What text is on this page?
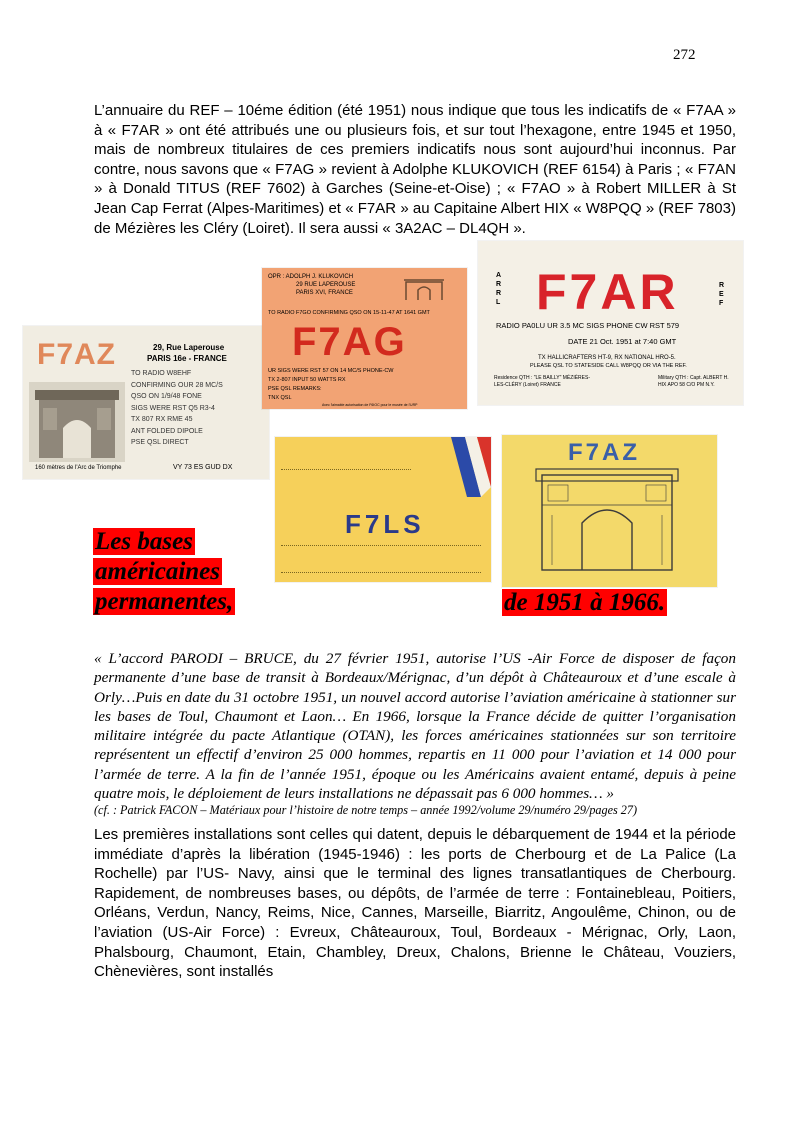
272

L’annuaire du REF – 10éme édition (été 1951) nous indique que tous les indicatifs de « F7AA » à « F7AR » ont été attribués une ou plusieurs fois, et sur tout l’hexagone, entre 1945 et 1950, mais de nombreux titulaires de ces premiers indicatifs nous sont aujourd’hui inconnus. Par contre, nous savons que « F7AG » revient à Adolphe KLUKOVICH (REF 6154) à Paris ; « F7AN » à Donald TITUS (REF 7602) à Garches (Seine-et-Oise) ; « F7AO » à Robert MILLER à St Jean Cap Ferrat (Alpes-Maritimes) et « F7AR » au Capitaine Albert HIX « W8PQQ » (REF 7803) de Mézières les Cléry (Loiret). Il sera aussi « 3A2AC – DL4QH ».

F7AZ	29, Rue Laperouse
PARIS 16e - FRANCE
160 mètres de l'Arc de Triomphe
TO RADIO W8EHF
CONFIRMING OUR 28 MC/S
QSO ON 1/9/48 FONE
SIGS WERE RST Q5 R3-4
TX 807 RX RME 45
ANT FOLDED DIPOLE
PSE QSL DIRECT
VY 73 ES GUD DX
OPR : ADOLPH J. KLUKOVICH
29 RUE LAPEROUSE
PARIS XVI, FRANCE
TO RADIO F7GO CONFIRMING QSO ON 15-11-47 AT 1641 GMT
F7AG
UR SIGS WERE RST 57 ON 14 MC/S PHONE-CW
TX 2-807 INPUT 50 WATTS RX
PSE QSL REMARKS:
TNX QSL
Avec l'aimable autorisation de F6IOC pour le musée de l'URP
ARRL
REF
F7AR
RADIO PA0LU UR 3.5 MC SIGS PHONE CW RST 579
DATE 21 Oct. 1951 at 7:40 GMT
TX HALLICRAFTERS HT-9, RX NATIONAL HRO-5.
PLEASE QSL TO STATESIDE CALL W8PQQ OR VIA THE REF.
Residence QTH : "LE BAILLY" MÉZIÈRES-LES-CLÉRY (Loiret) FRANCE
Military QTH : Capt. ALBERT H. HIX APO 58 C/O PM N.Y.
F7LS
F7AZ
Les bases
américaines
permanentes,	de 1951 à 1966.
« L’accord PARODI – BRUCE, du 27 février 1951, autorise l’US -Air Force de disposer de façon permanente d’une base de transit à Bordeaux/Mérignac, d’un dépôt à Châteauroux et d’une escale à Orly…Puis en date du 31 octobre 1951, un nouvel accord autorise l’aviation américaine à stationner sur les bases de Toul, Chaumont et Laon… En 1966, lorsque la France décide de quitter l’organisation militaire intégrée du pacte Atlantique (OTAN), les forces américaines stationnées sur son territoire représentent un effectif d’environ 25 000 hommes, repartis en 11 000 pour l’aviation et 14 000 pour l’armée de terre. A la fin de l’année 1951, époque ou les Américains avaient entamé, depuis à peine quatre mois, le déploiement de leurs installations ne dépassait pas 6 000 hommes… »
(cf. : Patrick FACON – Matériaux pour l’histoire de notre temps – année 1992/volume 29/numéro 29/pages 27)

Les premières installations sont celles qui datent, depuis le débarquement de 1944 et la période immédiate d’après la libération (1945-1946) : les ports de Cherbourg et de La Palice (La Rochelle) par l’US- Navy, ainsi que le terminal des lignes transatlantiques de Cherbourg. Rapidement, de nombreuses bases, ou dépôts, de l’armée de terre : Fontainebleau, Poitiers, Orléans, Verdun, Nancy, Reims, Nice, Cannes, Marseille, Biarritz, Angoulême, Chinon, ou de l’aviation (US-Air Force) : Evreux, Châteauroux, Toul, Bordeaux - Mérignac, Orly, Laon, Phalsbourg, Chaumont, Etain, Chambley, Dreux, Chalons, Brienne le Château, Vouziers, Chènevières, sont installés
